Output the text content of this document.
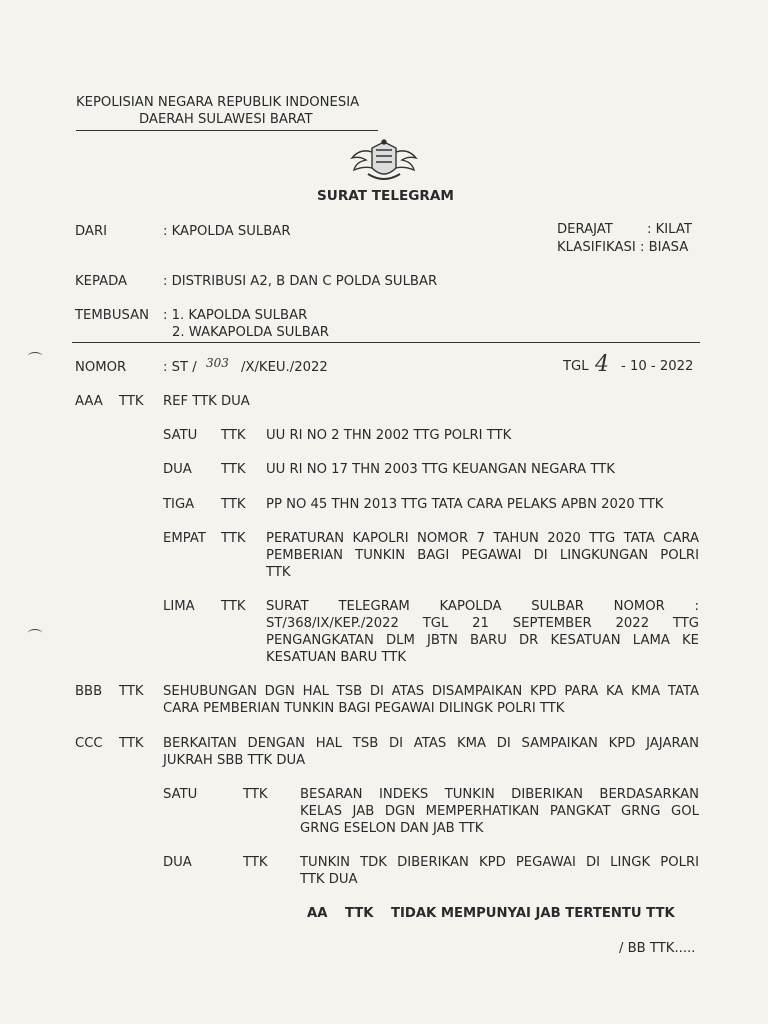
KEPOLISIAN NEGARA REPUBLIK INDONESIA
DAERAH SULAWESI BARAT
SURAT TELEGRAM
DARI	: KAPOLDA SULBAR	DERAJAT	: KILAT
KLASIFIKASI : BIASA
KEPADA	: DISTRIBUSI A2, B DAN C POLDA SULBAR
TEMBUSAN : 1. KAPOLDA SULBAR
2. WAKAPOLDA SULBAR
NOMOR	: ST / 303 /X/KEU./2022	TGL 4 - 10 - 2022
AAA TTK REF TTK DUA
SATU TTK UU RI NO 2 THN 2002 TTG POLRI TTK
DUA TTK UU RI NO 17 THN 2003 TTG KEUANGAN NEGARA TTK
TIGA TTK PP NO 45 THN 2013 TTG TATA CARA PELAKS APBN 2020 TTK
EMPAT TTK PERATURAN KAPOLRI NOMOR 7 TAHUN 2020 TTG TATA CARA
PEMBERIAN TUNKIN BAGI PEGAWAI DI LINGKUNGAN POLRI
TTK
LIMA TTK SURAT TELEGRAM KAPOLDA SULBAR NOMOR :
ST/368/IX/KEP./2022 TGL 21 SEPTEMBER 2022 TTG
PENGANGKATAN DLM JBTN BARU DR KESATUAN LAMA KE
KESATUAN BARU TTK
BBB TTK SEHUBUNGAN DGN HAL TSB DI ATAS DISAMPAIKAN KPD PARA KA KMA TATA
CARA PEMBERIAN TUNKIN BAGI PEGAWAI DILINGK POLRI TTK
CCC TTK BERKAITAN DENGAN HAL TSB DI ATAS KMA DI SAMPAIKAN KPD JAJARAN
JUKRAH SBB TTK DUA
SATU	TTK BESARAN INDEKS TUNKIN DIBERIKAN BERDASARKAN
KELAS JAB DGN MEMPERHATIKAN PANGKAT GRNG GOL
GRNG ESELON DAN JAB TTK
DUA	TTK TUNKIN TDK DIBERIKAN KPD PEGAWAI DI LINGK POLRI
TTK DUA
AA TTK TIDAK MEMPUNYAI JAB TERTENTU TTK
/ BB TTK.....
